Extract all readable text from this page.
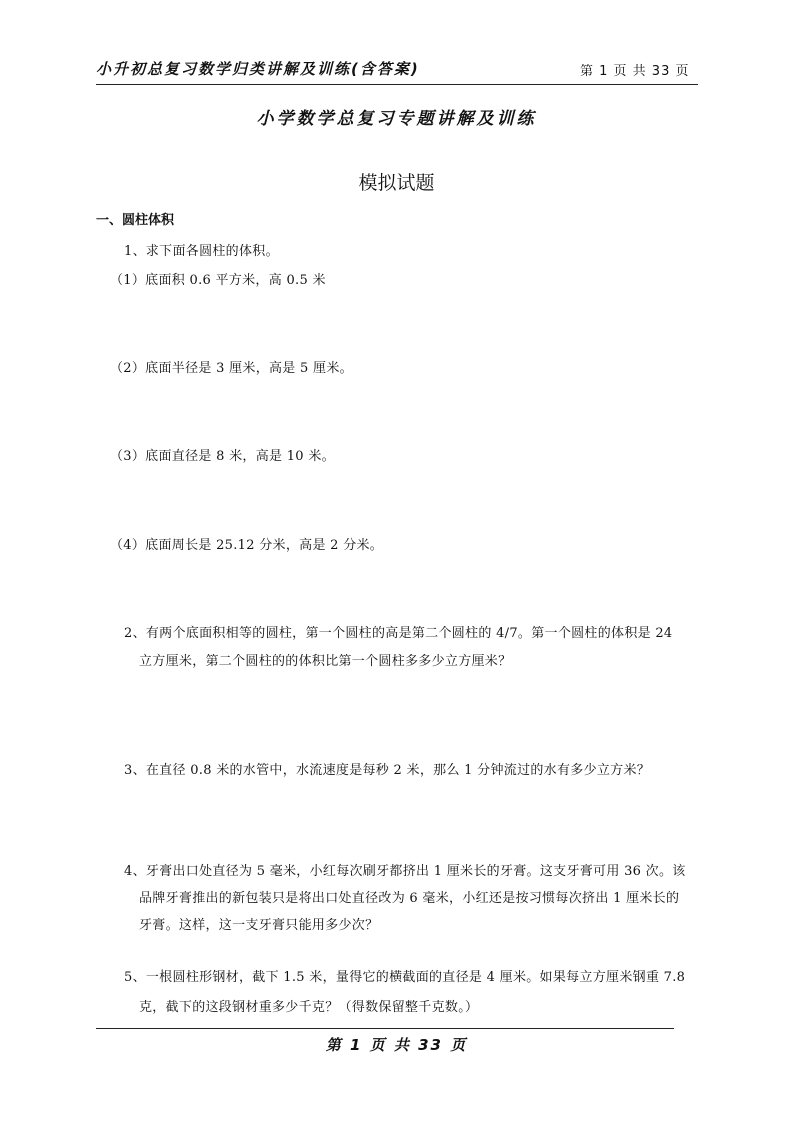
小升初总复习数学归类讲解及训练(含答案)	第 1 页 共 33 页
小学数学总复习专题讲解及训练
模拟试题
一、圆柱体积
1、求下面各圆柱的体积。
（1）底面积 0.6 平方米，高 0.5 米
（2）底面半径是 3 厘米，高是 5 厘米。
（3）底面直径是 8 米，高是 10 米。
（4）底面周长是 25.12 分米，高是 2 分米。
2、有两个底面积相等的圆柱，第一个圆柱的高是第二个圆柱的 4/7。第一个圆柱的体积是 24
立方厘米，第二个圆柱的的体积比第一个圆柱多多少立方厘米？
3、在直径 0.8 米的水管中，水流速度是每秒 2 米，那么 1 分钟流过的水有多少立方米？
4、牙膏出口处直径为 5 毫米，小红每次刷牙都挤出 1 厘米长的牙膏。这支牙膏可用 36 次。该
品牌牙膏推出的新包装只是将出口处直径改为 6 毫米，小红还是按习惯每次挤出 1 厘米长的
牙膏。这样，这一支牙膏只能用多少次？
5、一根圆柱形钢材，截下 1.5 米，量得它的横截面的直径是 4 厘米。如果每立方厘米钢重 7.8
克，截下的这段钢材重多少千克？（得数保留整千克数。）
第 1 页 共 33 页
